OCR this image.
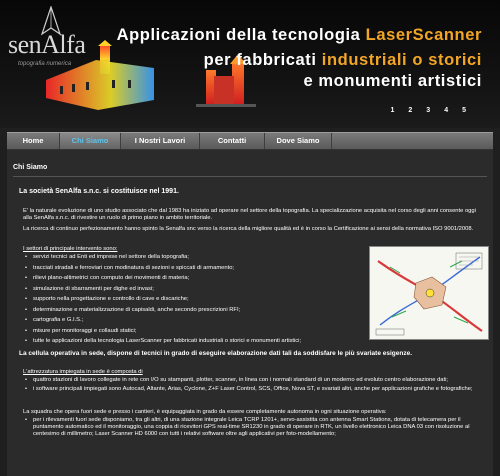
senAlfa
topografia numerica
Applicazioni della tecnologia LaserScanner
per fabbricati industriali o storici
e monumenti artistici
1 2 3 4 5
Home	Chi Siamo	I Nostri Lavori	Contatti	Dove Siamo
Chi Siamo
La società SenAlfa s.n.c. si costituisce nel 1991.
E' la naturale evoluzione di uno studio associato che dal 1983 ha iniziato ad operare nel settore della topografia. La specializzazione acquisita nel corso degli anni consente oggi alla SenAlfa s.n.c. di rivestire un ruolo di primo piano in ambito territoriale.
La ricerca di continuo perfezionamento hanno spinto la Senalfa snc verso la ricerca della migliore qualità ed è in corso la Certificazione ai sensi della normativa ISO 9001/2008.
I settori di principale intervento sono:
• servizi tecnici ad Enti ed imprese nel settore della topografia;
• tracciati stradali e ferroviari con modinatura di sezioni e spiccati di armamento;
• rilievi plano-altimetrici con computo dei movimenti di materia;
• simulazione di sbarramenti per dighe ed invasi;
• supporto nella progettazione e controllo di cave e discariche;
• determinazione e materializzazione di capisaldi, anche secondo prescrizioni RFI;
• cartografia e G.I.S.;
• misure per monitoraggi e collaudi statici;
• tutte le applicazioni della tecnologia LaserScanner per fabbricati industriali o storici e monumenti artistici;
La cellula operativa in sede, dispone di tecnici in grado di eseguire elaborazione dati tali da soddisfare le più svariate esigenze.
L'attrezzatura impiegata in sede è composta di
• quattro stazioni di lavoro collegate in rete con I/O su stampanti, plotter, scanner, in linea con i normali standard di un moderno ed evoluto centro elaborazione dati;
• i software principali impiegati sono Autocad, Altante, Arias, Cyclone, Z+F Laser Control, SCS, Office, Nova ST, e svariati altri, anche per applicazioni grafiche e fotografiche;
La squadra che opera fuori sede e presso i cantieri, è equipaggiata in grado da essere completamente autonoma in ogni situazione operativa:
• per i rilevamenti fuori sede disponiamo, tra gli altri, di una stazione integrale Leica TCRP 1201+, servo-assistita con antenna Smart Stations, dotata di telecamera per il puntamento automatico ed il monitoraggio, una coppia di ricevitori GPS real-time SR1230 in grado di operare in RTK, un livello elettronico Leica DNA 03 con risoluzione al centesimo di millimetro; Laser Scanner HD 6000 con tutti i relativi software oltre agli applicativi per foto-modellamento;
